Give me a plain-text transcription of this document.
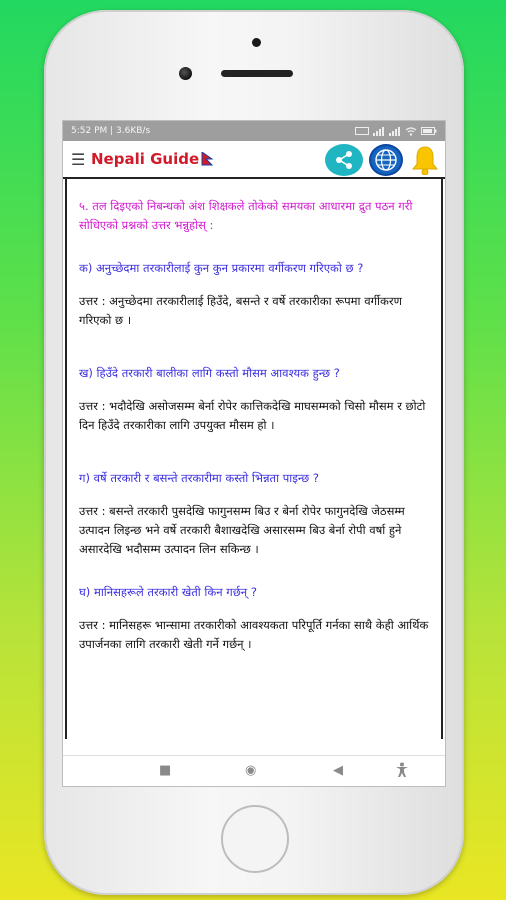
5:52 PM | 3.6KB/s
☰ Nepali Guide

५. तल दिइएको निबन्धको अंश शिक्षकले तोकेको समयका आधारमा द्रुत पठन गरी सोधिएको प्रश्नको उत्तर भन्नुहोस् :

क) अनुच्छेदमा तरकारीलाई कुन कुन प्रकारमा वर्गीकरण गरिएको छ ?

उत्तर : अनुच्छेदमा तरकारीलाई हिउँदे, बसन्ते र वर्षे तरकारीका रूपमा वर्गीकरण गरिएको छ ।

ख) हिउँदे तरकारी बालीका लागि कस्तो मौसम आवश्यक हुन्छ ?

उत्तर : भदौदेखि असोजसम्म बेर्ना रोपेर कात्तिकदेखि माघसम्मको चिसो मौसम र छोटो दिन हिउँदे तरकारीका लागि उपयुक्त मौसम हो ।

ग) वर्षे तरकारी र बसन्ते तरकारीमा कस्तो भिन्नता पाइन्छ ?

उत्तर : बसन्ते तरकारी पुसदेखि फागुनसम्म बिउ र बेर्ना रोपेर फागुनदेखि जेठसम्म उत्पादन लिइन्छ भने वर्षे तरकारी बैशाखदेखि असारसम्म बिउ बेर्ना रोपी वर्षा हुने असारदेखि भदौसम्म उत्पादन लिन सकिन्छ ।

घ) मानिसहरूले तरकारी खेती किन गर्छन् ?

उत्तर : मानिसहरू भान्सामा तरकारीको आवश्यकता परिपूर्ति गर्नका साथै केही आर्थिक उपार्जनका लागि तरकारी खेती गर्ने गर्छन् ।

■	◉	◀
